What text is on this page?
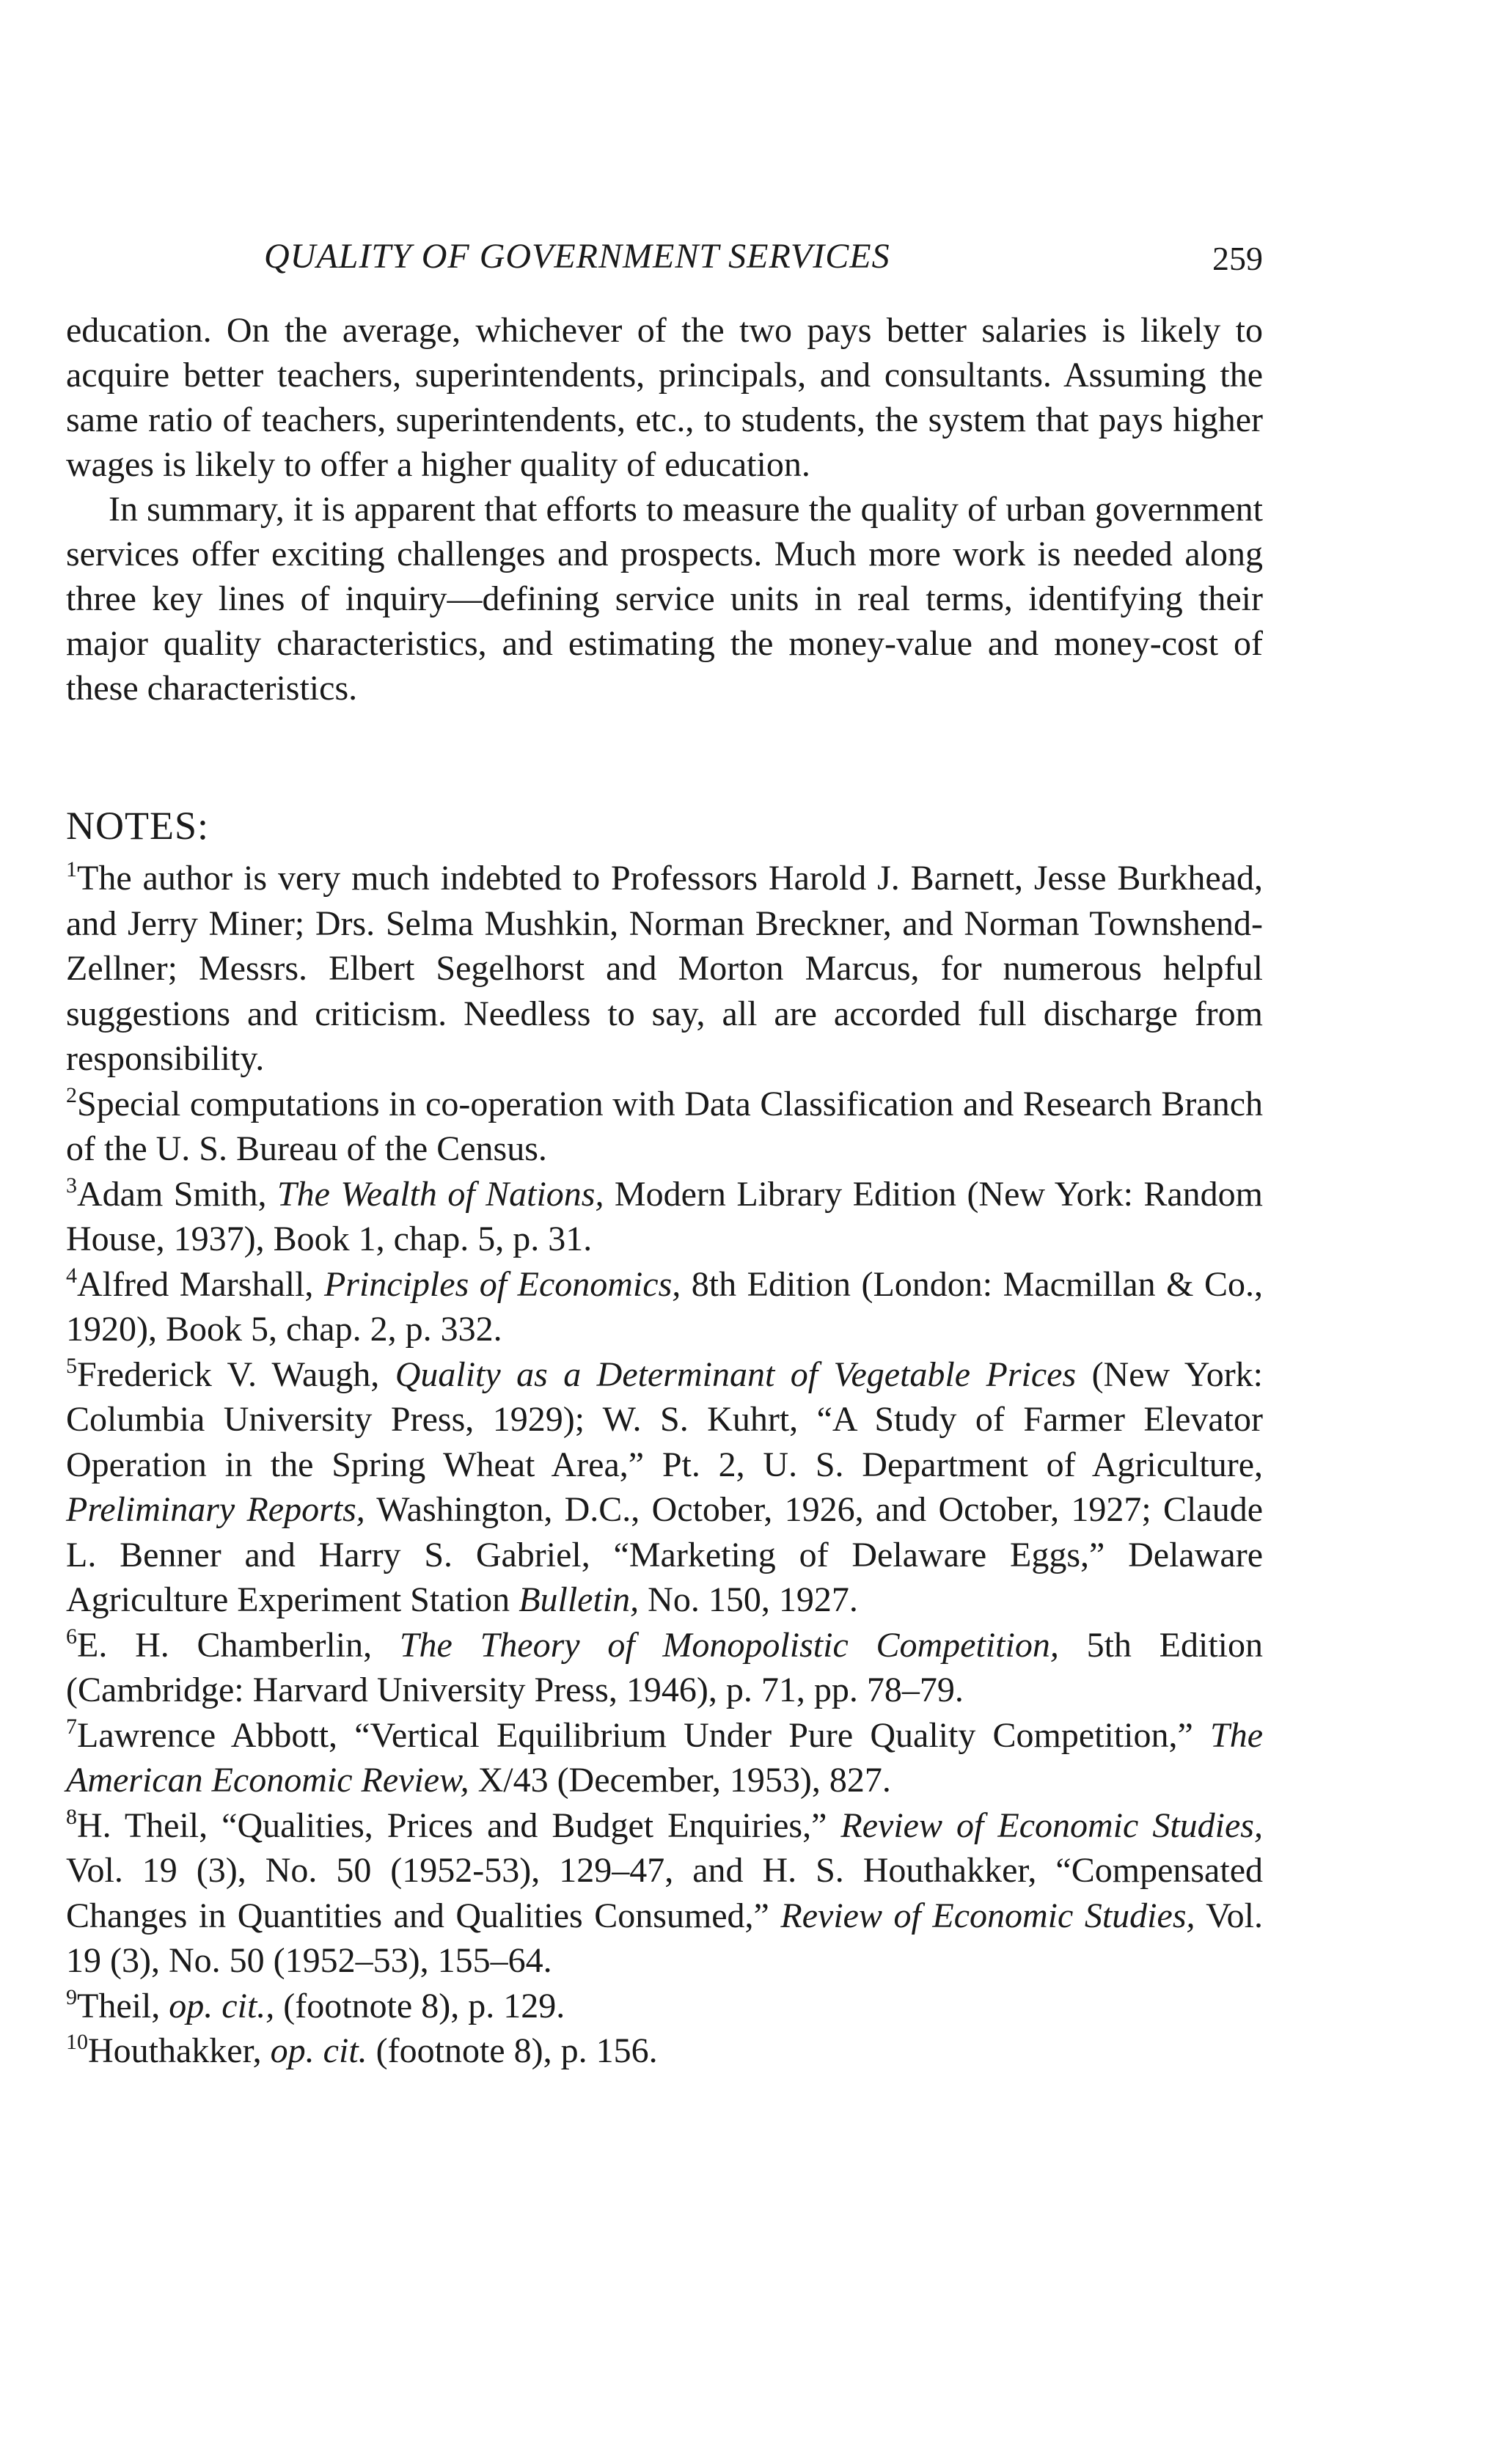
QUALITY OF GOVERNMENT SERVICES	259

education. On the average, whichever of the two pays better salaries is likely to acquire better teachers, superintendents, principals, and consultants. Assuming the same ratio of teachers, superintendents, etc., to students, the system that pays higher wages is likely to offer a higher quality of education.

In summary, it is apparent that efforts to measure the quality of urban government services offer exciting challenges and prospects. Much more work is needed along three key lines of inquiry—defining service units in real terms, identifying their major quality characteristics, and estimating the money-value and money-cost of these characteristics.

NOTES:

$^1$The author is very much indebted to Professors Harold J. Barnett, Jesse Burkhead, and Jerry Miner; Drs. Selma Mushkin, Norman Breckner, and Norman Townshend-Zellner; Messrs. Elbert Segelhorst and Morton Marcus, for numerous helpful suggestions and criticism. Needless to say, all are accorded full discharge from responsibility.

$^2$Special computations in co-operation with Data Classification and Research Branch of the U. S. Bureau of the Census.

$^3$Adam Smith, The Wealth of Nations, Modern Library Edition (New York: Random House, 1937), Book 1, chap. 5, p. 31.

$^4$Alfred Marshall, Principles of Economics, 8th Edition (London: Macmillan & Co., 1920), Book 5, chap. 2, p. 332.

$^5$Frederick V. Waugh, Quality as a Determinant of Vegetable Prices (New York: Columbia University Press, 1929); W. S. Kuhrt, “A Study of Farmer Elevator Operation in the Spring Wheat Area,” Pt. 2, U. S. Department of Agriculture, Preliminary Reports, Washington, D.C., October, 1926, and October, 1927; Claude L. Benner and Harry S. Gabriel, “Marketing of Delaware Eggs,” Delaware Agriculture Experiment Station Bulletin, No. 150, 1927.

$^6$E. H. Chamberlin, The Theory of Monopolistic Competition, 5th Edition (Cambridge: Harvard University Press, 1946), p. 71, pp. 78–79.

$^7$Lawrence Abbott, “Vertical Equilibrium Under Pure Quality Competition,” The American Economic Review, X/43 (December, 1953), 827.

$^8$H. Theil, “Qualities, Prices and Budget Enquiries,” Review of Economic Studies, Vol. 19 (3), No. 50 (1952-53), 129–47, and H. S. Houthakker, “Compensated Changes in Quantities and Qualities Consumed,” Review of Economic Studies, Vol. 19 (3), No. 50 (1952–53), 155–64.

$^9$Theil, op. cit., (footnote 8), p. 129.

$^{10}$Houthakker, op. cit. (footnote 8), p. 156.
